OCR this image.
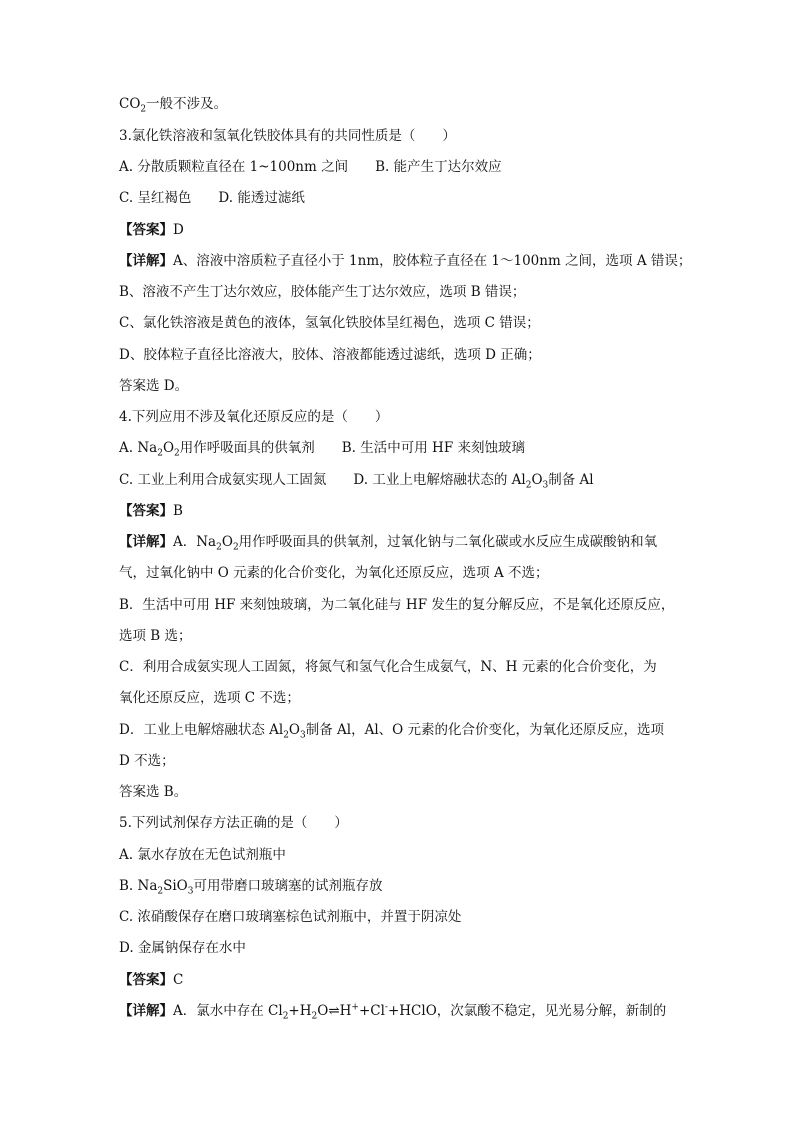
$CO_2$一般不涉及。
3.氯化铁溶液和氢氧化铁胶体具有的共同性质是（　　）
A. 分散质颗粒直径在 1~100nm 之间　　B. 能产生丁达尔效应
C. 呈红褐色　　D. 能透过滤纸
【答案】D
【详解】A、溶液中溶质粒子直径小于 1nm，胶体粒子直径在 1～100nm 之间，选项 A 错误；
B、溶液不产生丁达尔效应，胶体能产生丁达尔效应，选项 B 错误；
C、氯化铁溶液是黄色的液体，氢氧化铁胶体呈红褐色，选项 C 错误；
D、胶体粒子直径比溶液大，胶体、溶液都能透过滤纸，选项 D 正确；
答案选 D。
4.下列应用不涉及氧化还原反应的是（　　）
A. $Na_2O_2$用作呼吸面具的供氧剂　　B. 生活中可用 HF 来刻蚀玻璃
C. 工业上利用合成氨实现人工固氮　　D. 工业上电解熔融状态的 $Al_2O_3$制备 Al
【答案】B
【详解】A．$Na_2O_2$用作呼吸面具的供氧剂，过氧化钠与二氧化碳或水反应生成碳酸钠和氧
气，过氧化钠中 O 元素的化合价变化，为氧化还原反应，选项 A 不选；
B．生活中可用 HF 来刻蚀玻璃，为二氧化硅与 HF 发生的复分解反应，不是氧化还原反应，
选项 B 选；
C．利用合成氨实现人工固氮，将氮气和氢气化合生成氨气，N、H 元素的化合价变化，为
氧化还原反应，选项 C 不选；
D．工业上电解熔融状态 $Al_2O_3$制备 Al，Al、O 元素的化合价变化，为氧化还原反应，选项
D 不选；
答案选 B。
5.下列试剂保存方法正确的是（　　）
A. 氯水存放在无色试剂瓶中
B. $Na_2SiO_3$可用带磨口玻璃塞的试剂瓶存放
C. 浓硝酸保存在磨口玻璃塞棕色试剂瓶中，并置于阴凉处
D. 金属钠保存在水中
【答案】C
【详解】A．氯水中存在 $Cl_2+H_2O\rightleftharpoons H^++Cl^-+HClO$，次氯酸不稳定，见光易分解，新制的
